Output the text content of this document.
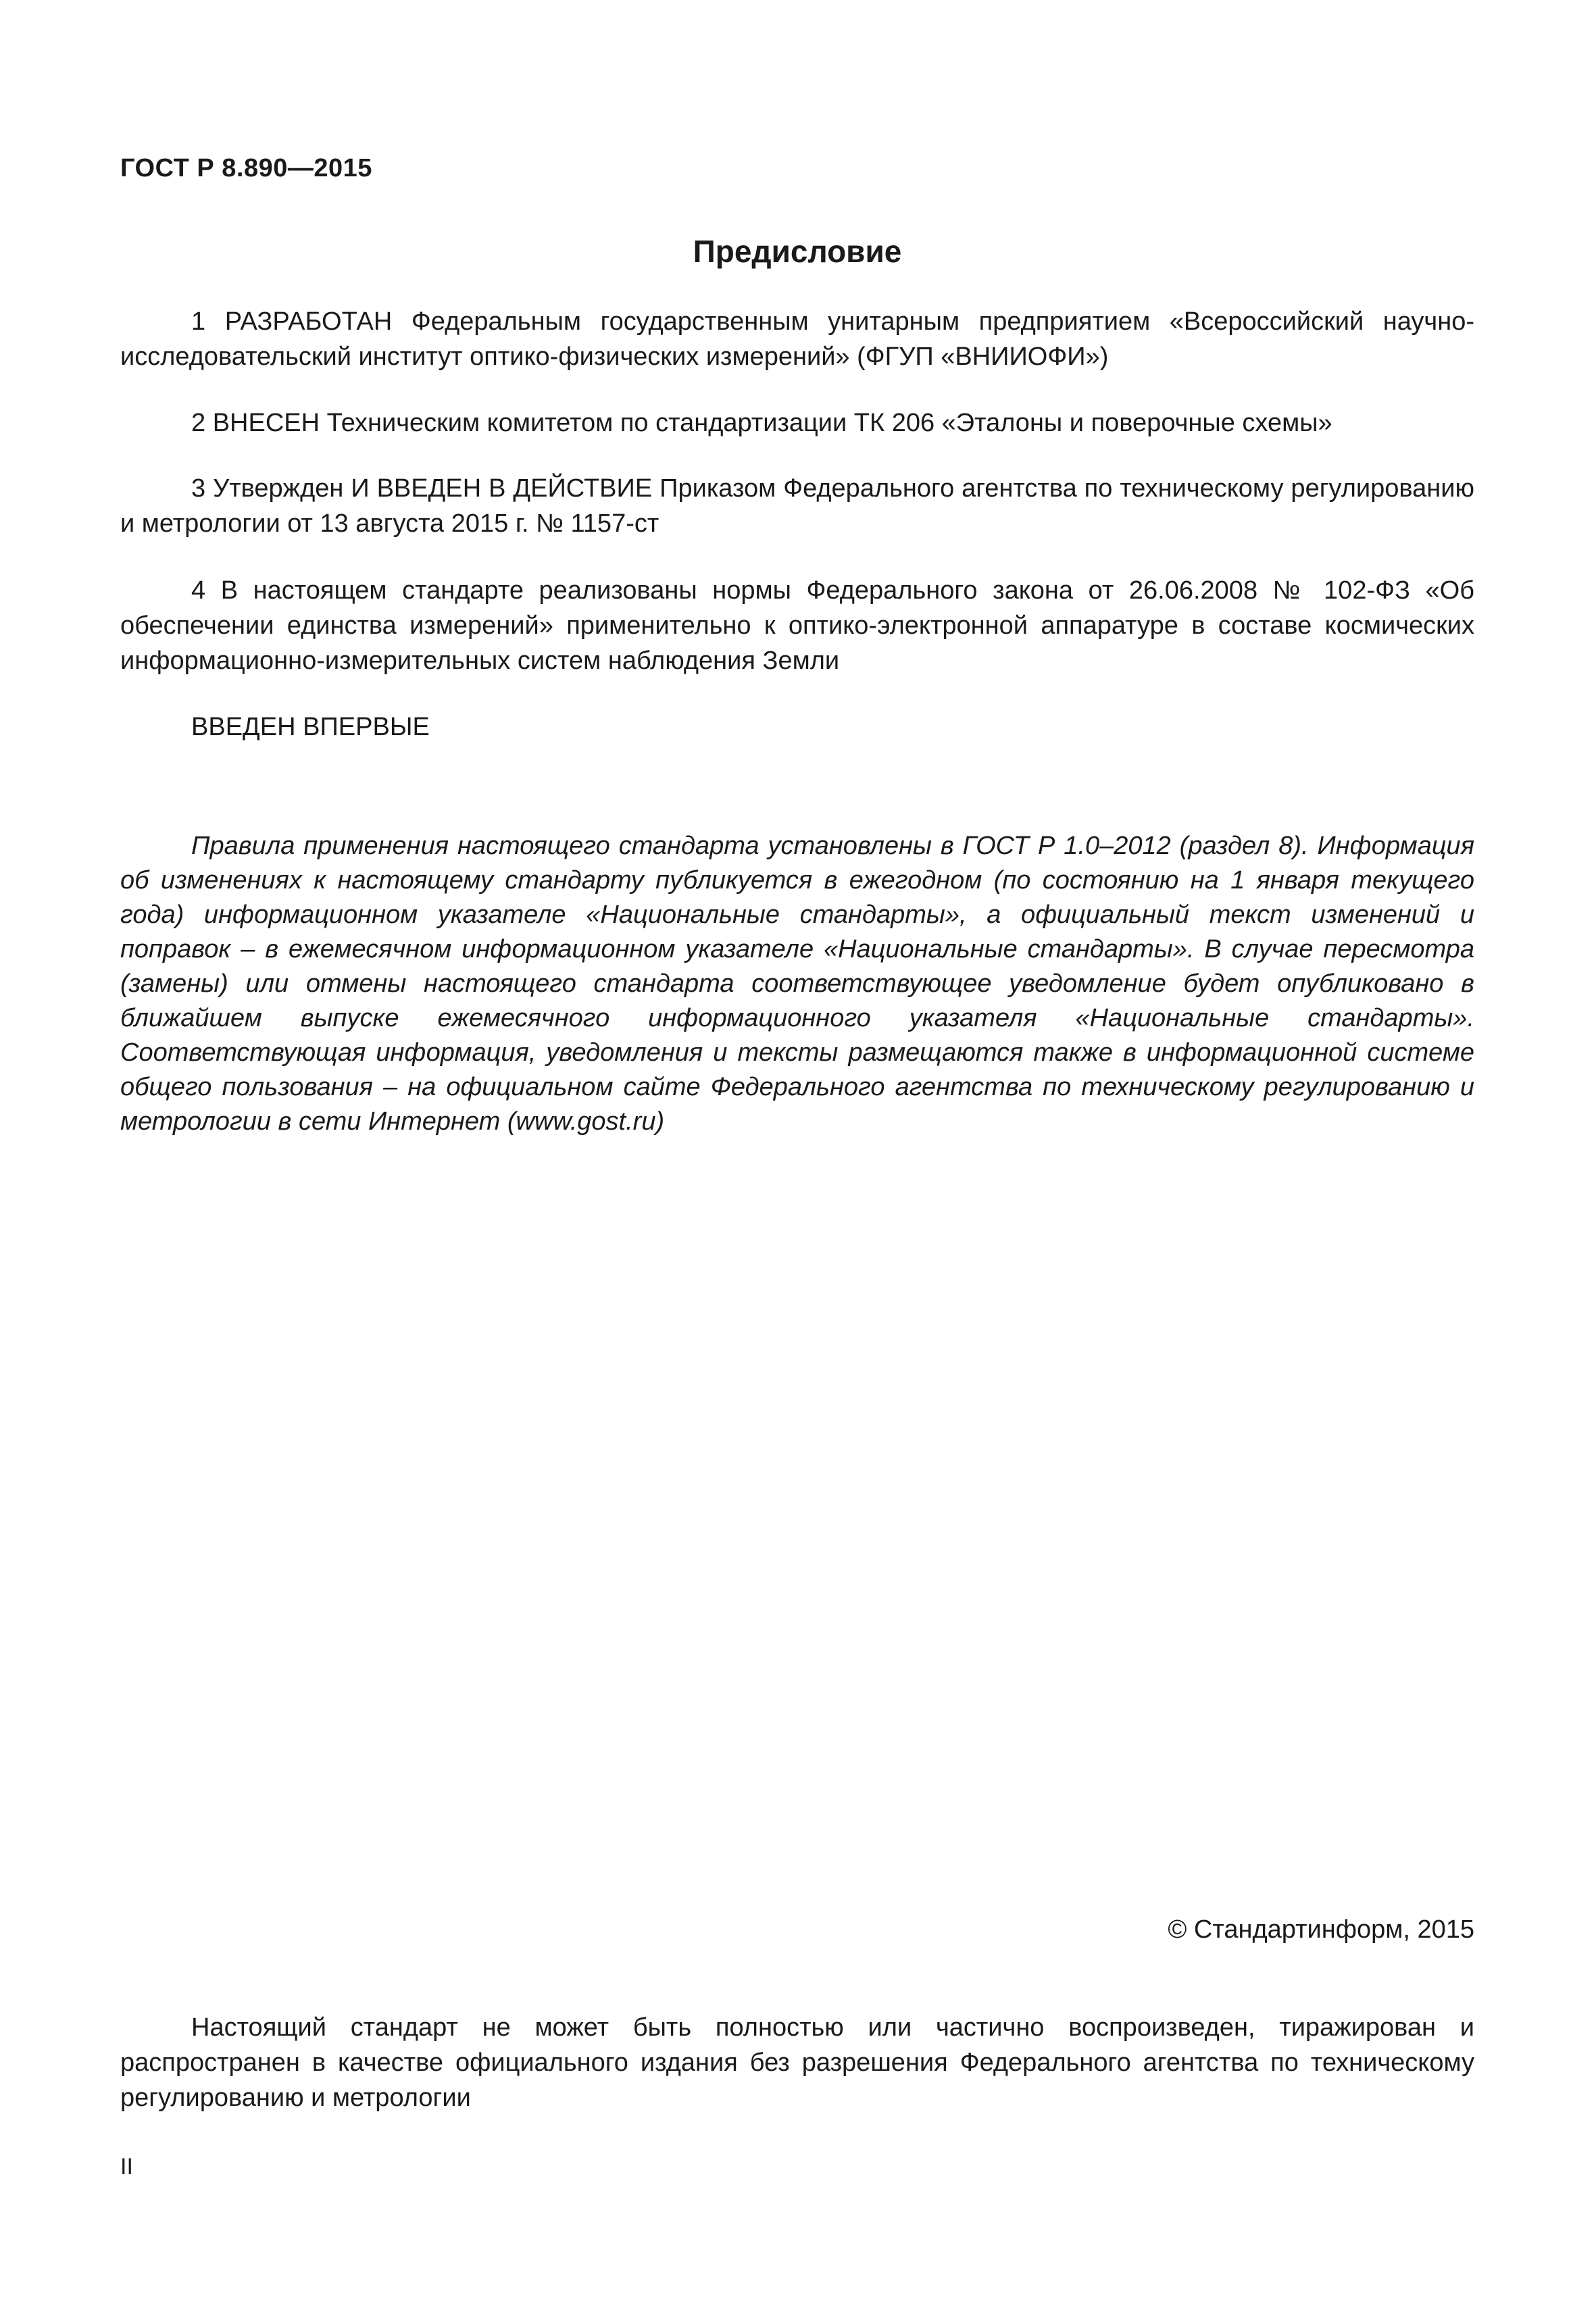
ГОСТ Р 8.890—2015

Предисловие

1 РАЗРАБОТАН Федеральным государственным унитарным предприятием «Всероссийский научно-исследовательский институт оптико-физических измерений» (ФГУП «ВНИИОФИ»)

2 ВНЕСЕН Техническим комитетом по стандартизации ТК 206 «Эталоны и поверочные схемы»

3 Утвержден И ВВЕДЕН В ДЕЙСТВИЕ Приказом Федерального агентства по техническому регулированию и метрологии от 13 августа 2015 г. № 1157-ст

4 В настоящем стандарте реализованы нормы Федерального закона от 26.06.2008 № 102-ФЗ «Об обеспечении единства измерений» применительно к оптико-электронной аппаратуре в составе космических информационно-измерительных систем наблюдения Земли

ВВЕДЕН ВПЕРВЫЕ

Правила применения настоящего стандарта установлены в ГОСТ Р 1.0–2012 (раздел 8). Информация об изменениях к настоящему стандарту публикуется в ежегодном (по состоянию на 1 января текущего года) информационном указателе «Национальные стандарты», а официальный текст изменений и поправок – в ежемесячном информационном указателе «Национальные стандарты». В случае пересмотра (замены) или отмены настоящего стандарта соответствующее уведомление будет опубликовано в ближайшем выпуске ежемесячного информационного указателя «Национальные стандарты». Соответствующая информация, уведомления и тексты размещаются также в информационной системе общего пользования – на официальном сайте Федерального агентства по техническому регулированию и метрологии в сети Интернет (www.gost.ru)

© Стандартинформ, 2015

Настоящий стандарт не может быть полностью или частично воспроизведен, тиражирован и распространен в качестве официального издания без разрешения Федерального агентства по техническому регулированию и метрологии

II
